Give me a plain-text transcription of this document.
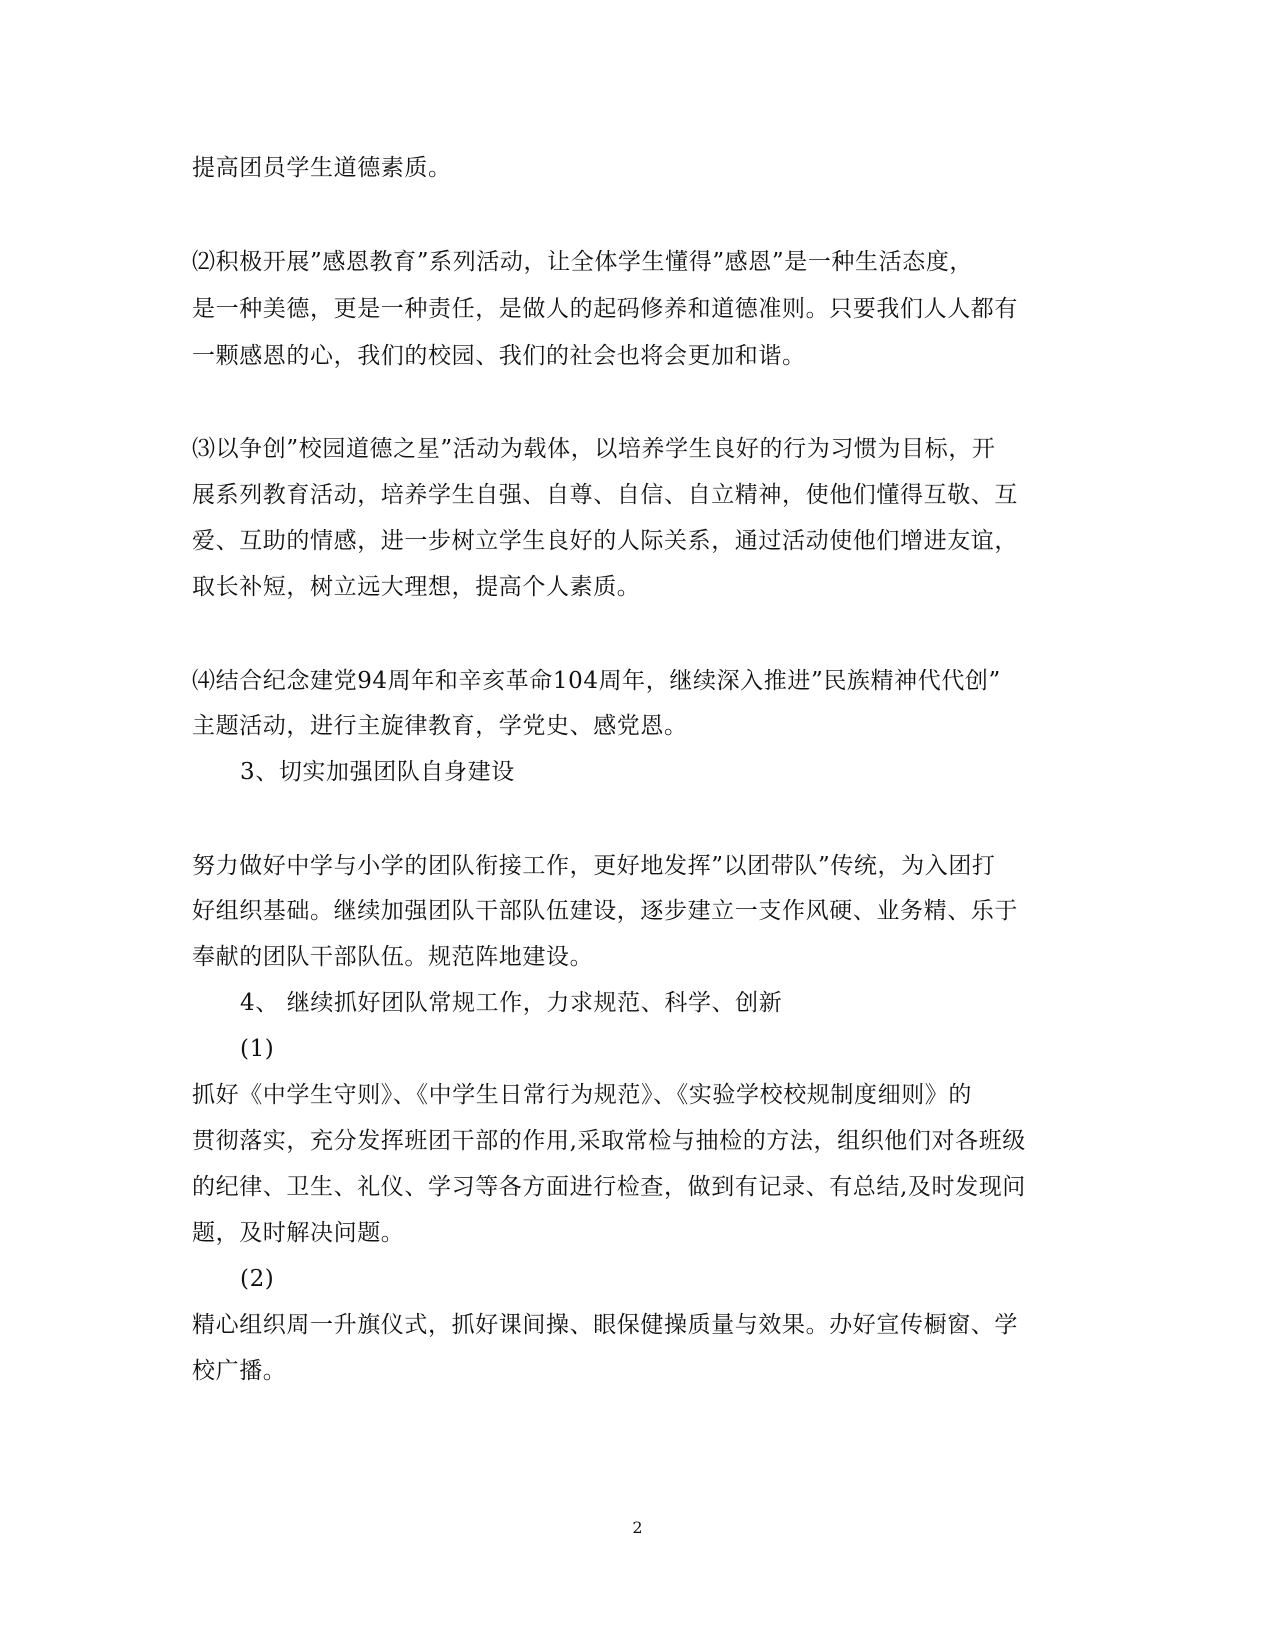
提高团员学生道德素质。
⑵积极开展”感恩教育”系列活动，让全体学生懂得”感恩”是一种生活态度，
是一种美德，更是一种责任，是做人的起码修养和道德准则。只要我们人人都有
一颗感恩的心，我们的校园、我们的社会也将会更加和谐。
⑶以争创”校园道德之星”活动为载体，以培养学生良好的行为习惯为目标，开
展系列教育活动，培养学生自强、自尊、自信、自立精神，使他们懂得互敬、互
爱、互助的情感，进一步树立学生良好的人际关系，通过活动使他们增进友谊，
取长补短，树立远大理想，提高个人素质。
⑷结合纪念建党94周年和辛亥革命104周年，继续深入推进”民族精神代代创”
主题活动，进行主旋律教育，学党史、感党恩。
3、切实加强团队自身建设
努力做好中学与小学的团队衔接工作，更好地发挥”以团带队”传统，为入团打
好组织基础。继续加强团队干部队伍建设，逐步建立一支作风硬、业务精、乐于
奉献的团队干部队伍。规范阵地建设。
4、 继续抓好团队常规工作，力求规范、科学、创新
(1)
抓好《中学生守则》、《中学生日常行为规范》、《实验学校校规制度细则》的
贯彻落实，充分发挥班团干部的作用,采取常检与抽检的方法，组织他们对各班级
的纪律、卫生、礼仪、学习等各方面进行检查，做到有记录、有总结,及时发现问
题，及时解决问题。
(2)
精心组织周一升旗仪式，抓好课间操、眼保健操质量与效果。办好宣传橱窗、学
校广播。
2
